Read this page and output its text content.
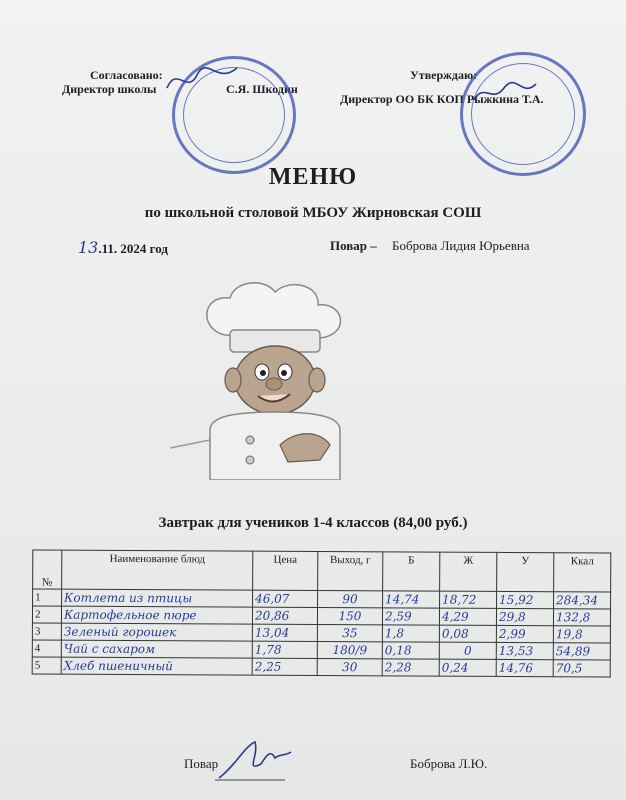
Согласовано:
Директор школы	С.Я. Шкодин
Утверждаю:
Директор ОО БК КОП Рыжкина Т.А.
МЕНЮ
по школьной столовой МБОУ Жирновская СОШ
13.11. 2024 год	Повар – Боброва Лидия Юрьевна
Завтрак для учеников 1-4 классов (84,00 руб.)
№	Наименование блюд	Цена	Выход, г	Б	Ж	У	Ккал
1	Котлета из птицы	46,07	90	14,74	18,72	15,92	284,34
2	Картофельное пюре	20,86	150	2,59	4,29	29,8	132,8
3	Зеленый горошек	13,04	35	1,8	0,08	2,99	19,8
4	Чай с сахаром	1,78	180/9	0,18	0	13,53	54,89
5	Хлеб пшеничный	2,25	30	2,28	0,24	14,76	70,5
Повар	Боброва Л.Ю.
